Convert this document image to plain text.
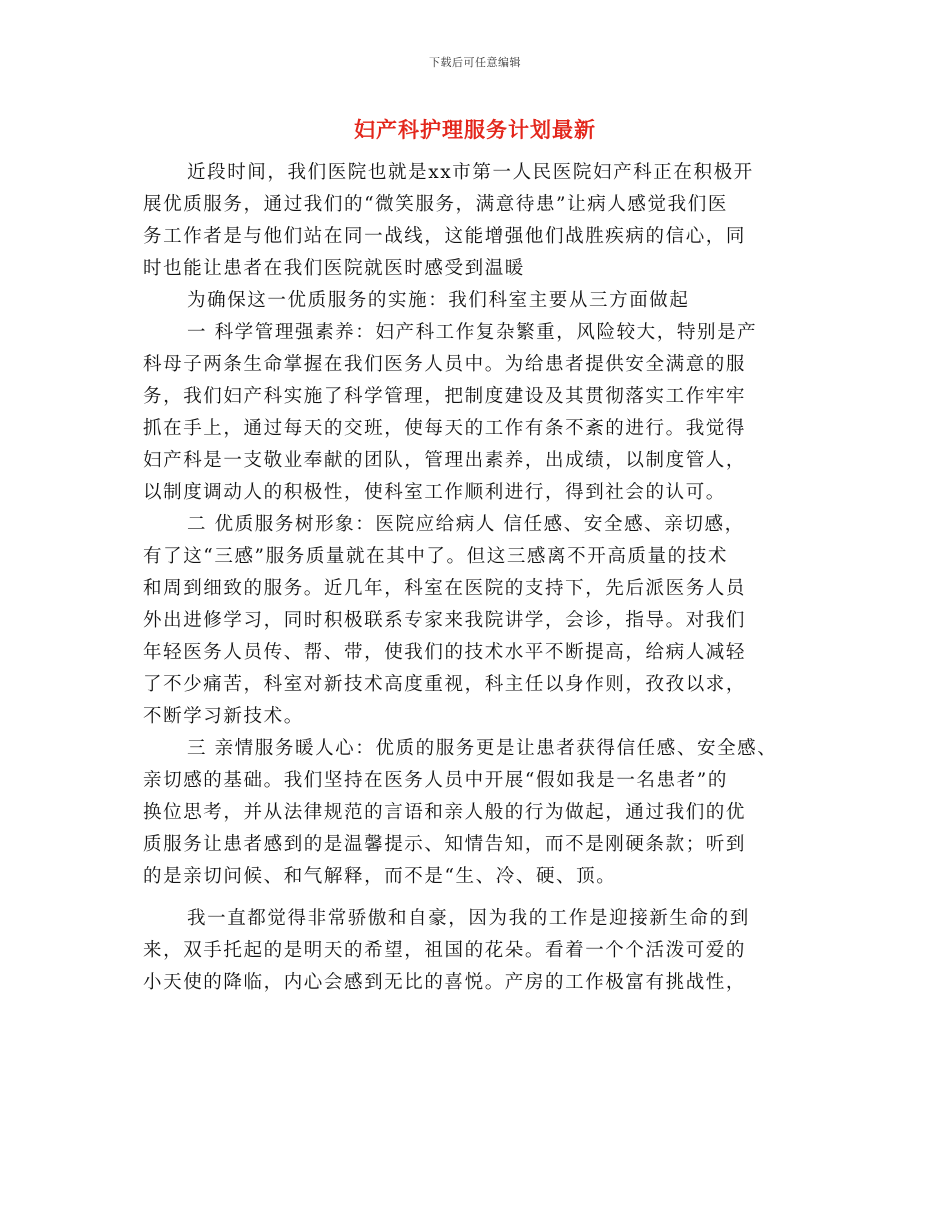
下载后可任意编辑
妇产科护理服务计划最新
近段时间，我们医院也就是xx市第一人民医院妇产科正在积极开
展优质服务，通过我们的“微笑服务，满意待患”让病人感觉我们医
务工作者是与他们站在同一战线，这能增强他们战胜疾病的信心，同
时也能让患者在我们医院就医时感受到温暖
为确保这一优质服务的实施：我们科室主要从三方面做起
一 科学管理强素养：妇产科工作复杂繁重，风险较大，特别是产
科母子两条生命掌握在我们医务人员中。为给患者提供安全满意的服
务，我们妇产科实施了科学管理，把制度建设及其贯彻落实工作牢牢
抓在手上，通过每天的交班，使每天的工作有条不紊的进行。我觉得
妇产科是一支敬业奉献的团队，管理出素养，出成绩，以制度管人，
以制度调动人的积极性，使科室工作顺利进行，得到社会的认可。
二 优质服务树形象：医院应给病人 信任感、安全感、亲切感，
有了这“三感”服务质量就在其中了。但这三感离不开高质量的技术
和周到细致的服务。近几年，科室在医院的支持下，先后派医务人员
外出进修学习，同时积极联系专家来我院讲学，会诊，指导。对我们
年轻医务人员传、帮、带，使我们的技术水平不断提高，给病人减轻
了不少痛苦，科室对新技术高度重视，科主任以身作则，孜孜以求，
不断学习新技术。
三 亲情服务暖人心：优质的服务更是让患者获得信任感、安全感、
亲切感的基础。我们坚持在医务人员中开展“假如我是一名患者”的
换位思考，并从法律规范的言语和亲人般的行为做起，通过我们的优
质服务让患者感到的是温馨提示、知情告知，而不是刚硬条款；听到
的是亲切问候、和气解释，而不是“生、冷、硬、顶。
我一直都觉得非常骄傲和自豪，因为我的工作是迎接新生命的到
来，双手托起的是明天的希望，祖国的花朵。看着一个个活泼可爱的
小天使的降临，内心会感到无比的喜悦。产房的工作极富有挑战性，
